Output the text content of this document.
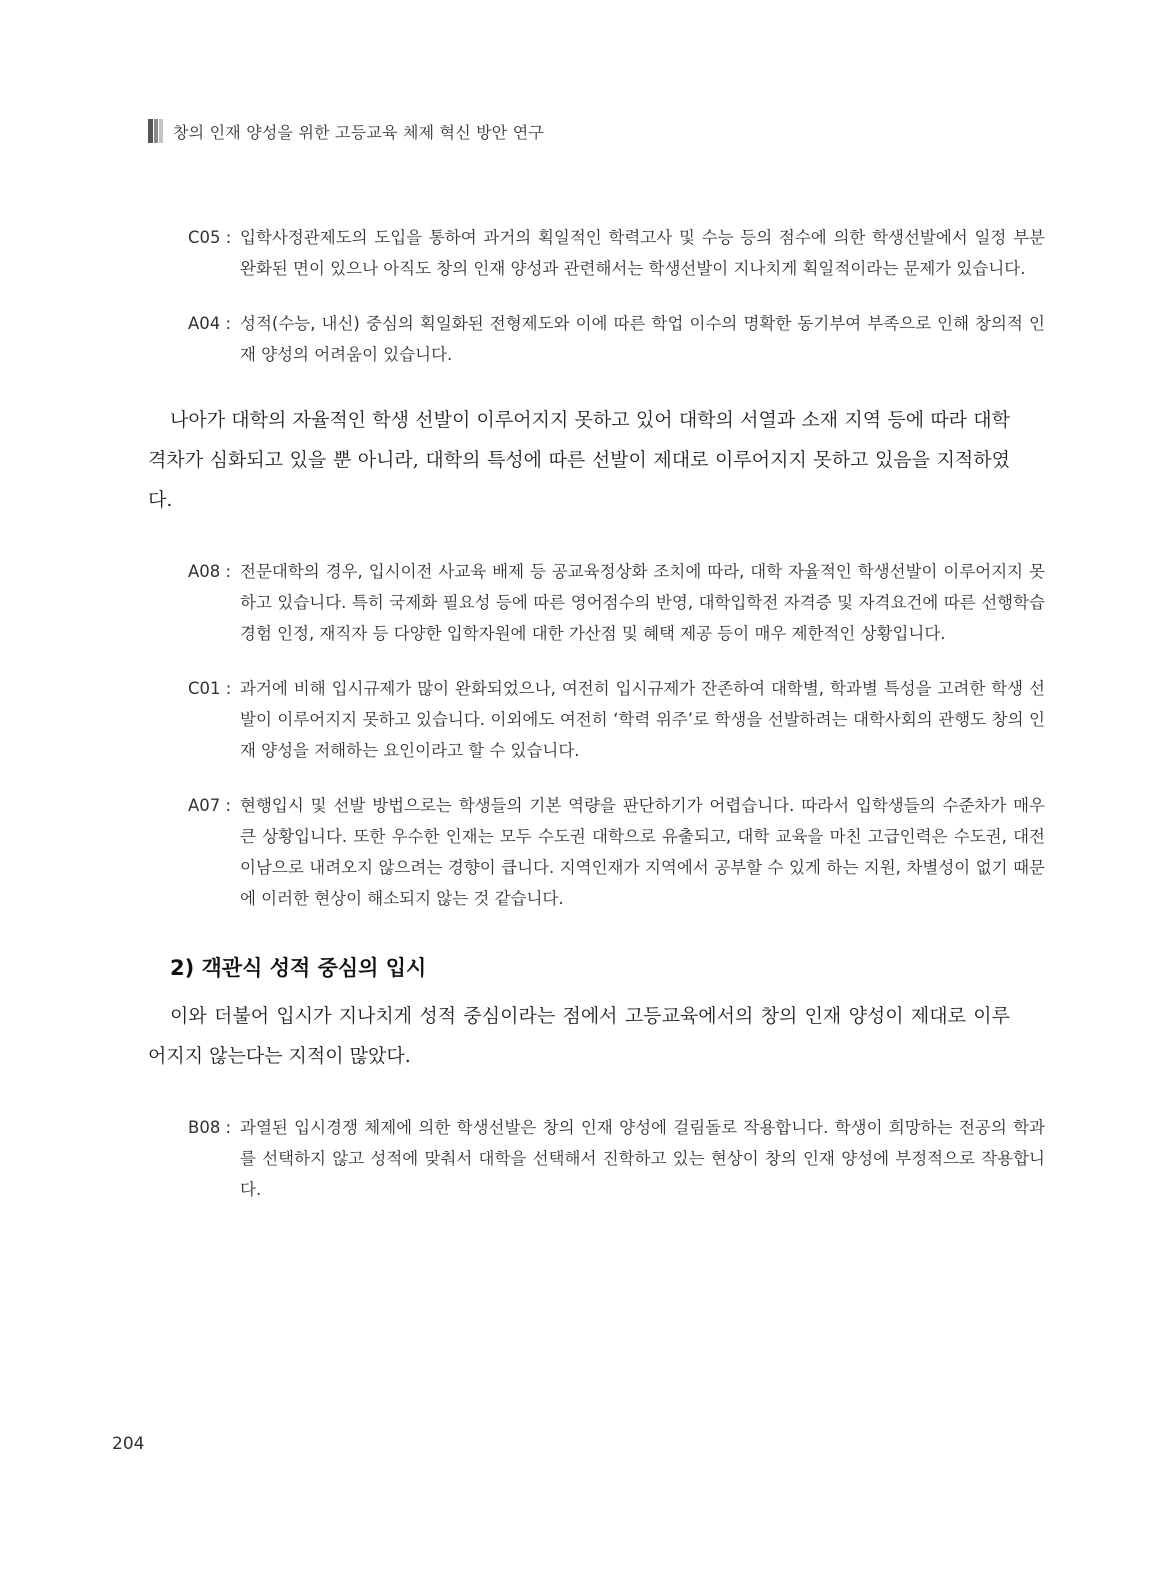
창의 인재 양성을 위한 고등교육 체제 혁신 방안 연구
C05 : 입학사정관제도의 도입을 통하여 과거의 획일적인 학력고사 및 수능 등의 점수에 의한 학생선발에서 일정 부분 완화된 면이 있으나 아직도 창의 인재 양성과 관련해서는 학생선발이 지나치게 획일적이라는 문제가 있습니다.
A04 : 성적(수능, 내신) 중심의 획일화된 전형제도와 이에 따른 학업 이수의 명확한 동기부여 부족으로 인해 창의적 인재 양성의 어려움이 있습니다.

나아가 대학의 자율적인 학생 선발이 이루어지지 못하고 있어 대학의 서열과 소재 지역 등에 따라 대학 격차가 심화되고 있을 뿐 아니라, 대학의 특성에 따른 선발이 제대로 이루어지지 못하고 있음을 지적하였다.

A08 : 전문대학의 경우, 입시이전 사교육 배제 등 공교육정상화 조치에 따라, 대학 자율적인 학생선발이 이루어지지 못하고 있습니다. 특히 국제화 필요성 등에 따른 영어점수의 반영, 대학입학전 자격증 및 자격요건에 따른 선행학습경험 인정, 재직자 등 다양한 입학자원에 대한 가산점 및 혜택 제공 등이 매우 제한적인 상황입니다.
C01 : 과거에 비해 입시규제가 많이 완화되었으나, 여전히 입시규제가 잔존하여 대학별, 학과별 특성을 고려한 학생 선발이 이루어지지 못하고 있습니다. 이외에도 여전히 ‘학력 위주’로 학생을 선발하려는 대학사회의 관행도 창의 인재 양성을 저해하는 요인이라고 할 수 있습니다.
A07 : 현행입시 및 선발 방법으로는 학생들의 기본 역량을 판단하기가 어렵습니다. 따라서 입학생들의 수준차가 매우 큰 상황입니다. 또한 우수한 인재는 모두 수도권 대학으로 유출되고, 대학 교육을 마친 고급인력은 수도권, 대전 이남으로 내려오지 않으려는 경향이 큽니다. 지역인재가 지역에서 공부할 수 있게 하는 지원, 차별성이 없기 때문에 이러한 현상이 해소되지 않는 것 같습니다.
2) 객관식 성적 중심의 입시

이와 더불어 입시가 지나치게 성적 중심이라는 점에서 고등교육에서의 창의 인재 양성이 제대로 이루어지지 않는다는 지적이 많았다.

B08 : 과열된 입시경쟁 체제에 의한 학생선발은 창의 인재 양성에 걸림돌로 작용합니다. 학생이 희망하는 전공의 학과를 선택하지 않고 성적에 맞춰서 대학을 선택해서 진학하고 있는 현상이 창의 인재 양성에 부정적으로 작용합니다.
204
